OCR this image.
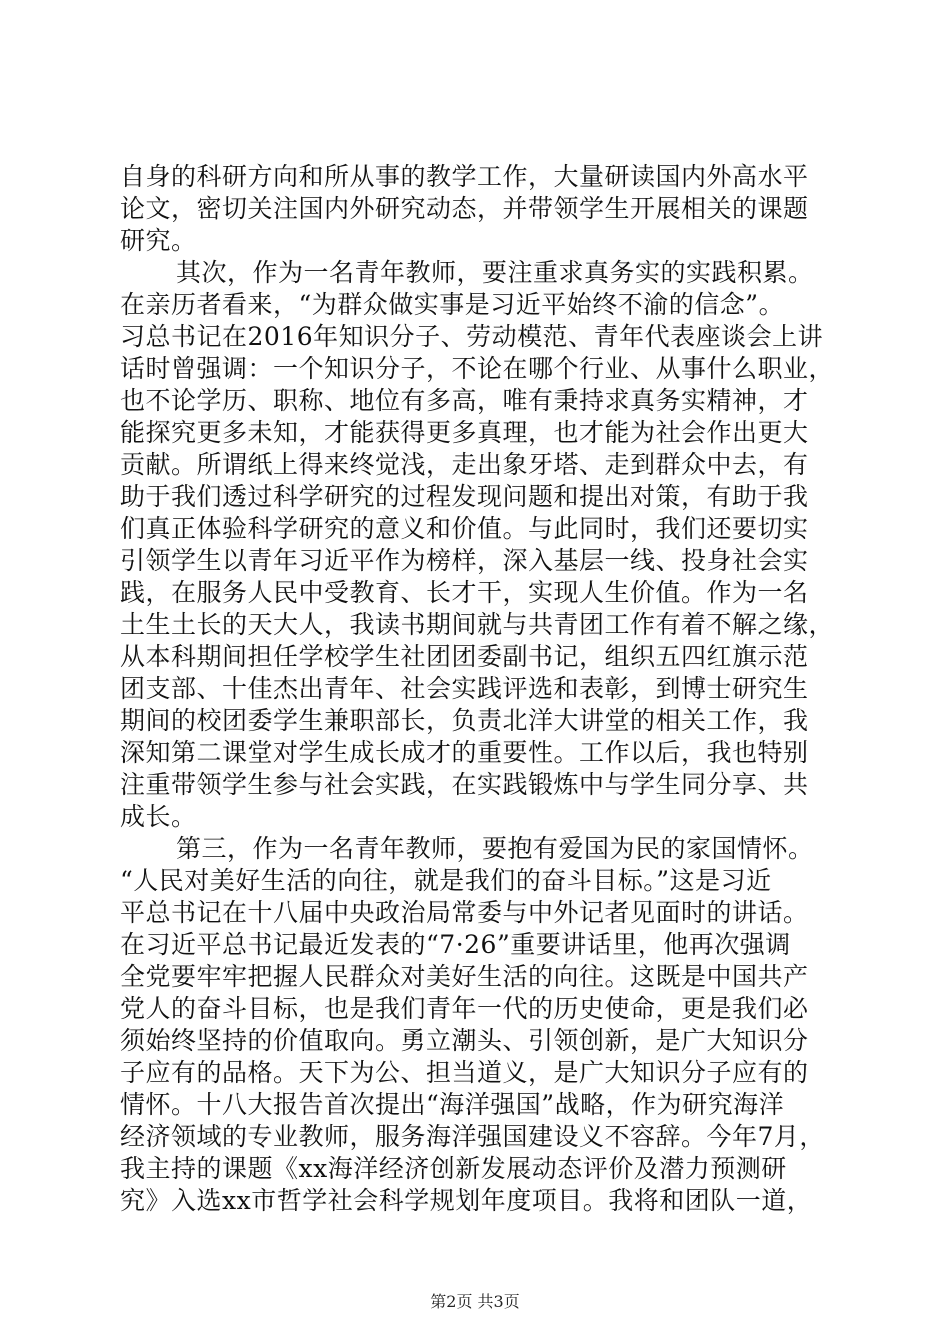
自身的科研方向和所从事的教学工作，大量研读国内外高水平
论文，密切关注国内外研究动态，并带领学生开展相关的课题
研究。
其次，作为一名青年教师，要注重求真务实的实践积累。
在亲历者看来，“为群众做实事是习近平始终不渝的信念”。
习总书记在2016年知识分子、劳动模范、青年代表座谈会上讲
话时曾强调：一个知识分子，不论在哪个行业、从事什么职业，
也不论学历、职称、地位有多高，唯有秉持求真务实精神，才
能探究更多未知，才能获得更多真理，也才能为社会作出更大
贡献。所谓纸上得来终觉浅，走出象牙塔、走到群众中去，有
助于我们透过科学研究的过程发现问题和提出对策，有助于我
们真正体验科学研究的意义和价值。与此同时，我们还要切实
引领学生以青年习近平作为榜样，深入基层一线、投身社会实
践，在服务人民中受教育、长才干，实现人生价值。作为一名
土生土长的天大人，我读书期间就与共青团工作有着不解之缘，
从本科期间担任学校学生社团团委副书记，组织五四红旗示范
团支部、十佳杰出青年、社会实践评选和表彰，到博士研究生
期间的校团委学生兼职部长，负责北洋大讲堂的相关工作，我
深知第二课堂对学生成长成才的重要性。工作以后，我也特别
注重带领学生参与社会实践，在实践锻炼中与学生同分享、共
成长。
第三，作为一名青年教师，要抱有爱国为民的家国情怀。
“人民对美好生活的向往，就是我们的奋斗目标。”这是习近
平总书记在十八届中央政治局常委与中外记者见面时的讲话。
在习近平总书记最近发表的“7·26”重要讲话里，他再次强调
全党要牢牢把握人民群众对美好生活的向往。这既是中国共产
党人的奋斗目标，也是我们青年一代的历史使命，更是我们必
须始终坚持的价值取向。勇立潮头、引领创新，是广大知识分
子应有的品格。天下为公、担当道义，是广大知识分子应有的
情怀。十八大报告首次提出“海洋强国”战略，作为研究海洋
经济领域的专业教师，服务海洋强国建设义不容辞。今年7月，
我主持的课题《xx海洋经济创新发展动态评价及潜力预测研
究》入选xx市哲学社会科学规划年度项目。我将和团队一道，
第2页 共3页
